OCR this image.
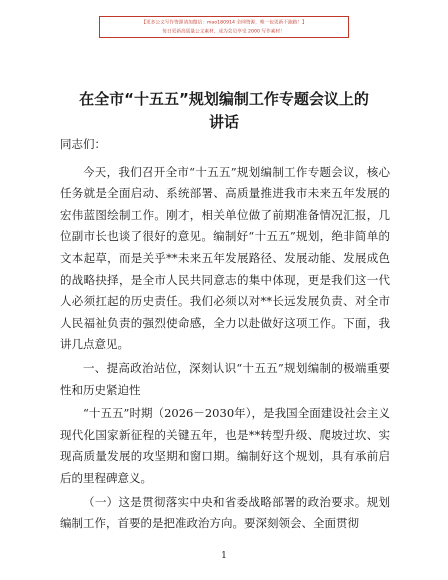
【更多公文写作资源请加微信：mao180914 全网资源，唯一包更新不跑路！】
每日更新高质量公文素材，成为会员享受 2000 写作素材！
在全市“十五五”规划编制工作专题会议上的
讲话

同志们：

今天，我们召开全市“十五五”规划编制工作专题会议，核心任务就是全面启动、系统部署、高质量推进我市未来五年发展的宏伟蓝图绘制工作。刚才，相关单位做了前期准备情况汇报，几位副市长也谈了很好的意见。编制好“十五五”规划，绝非简单的文本起草，而是关乎**未来五年发展路径、发展动能、发展成色的战略抉择，是全市人民共同意志的集中体现，更是我们这一代人必须扛起的历史责任。我们必须以对**长远发展负责、对全市人民福祉负责的强烈使命感，全力以赴做好这项工作。下面，我讲几点意见。

一、提高政治站位，深刻认识“十五五”规划编制的极端重要性和历史紧迫性

“十五五”时期（2026－2030年），是我国全面建设社会主义现代化国家新征程的关键五年，也是**转型升级、爬坡过坎、实现高质量发展的攻坚期和窗口期。编制好这个规划，具有承前启后的里程碑意义。

（一）这是贯彻落实中央和省委战略部署的政治要求。规划编制工作，首要的是把准政治方向。要深刻领会、全面贯彻

1
